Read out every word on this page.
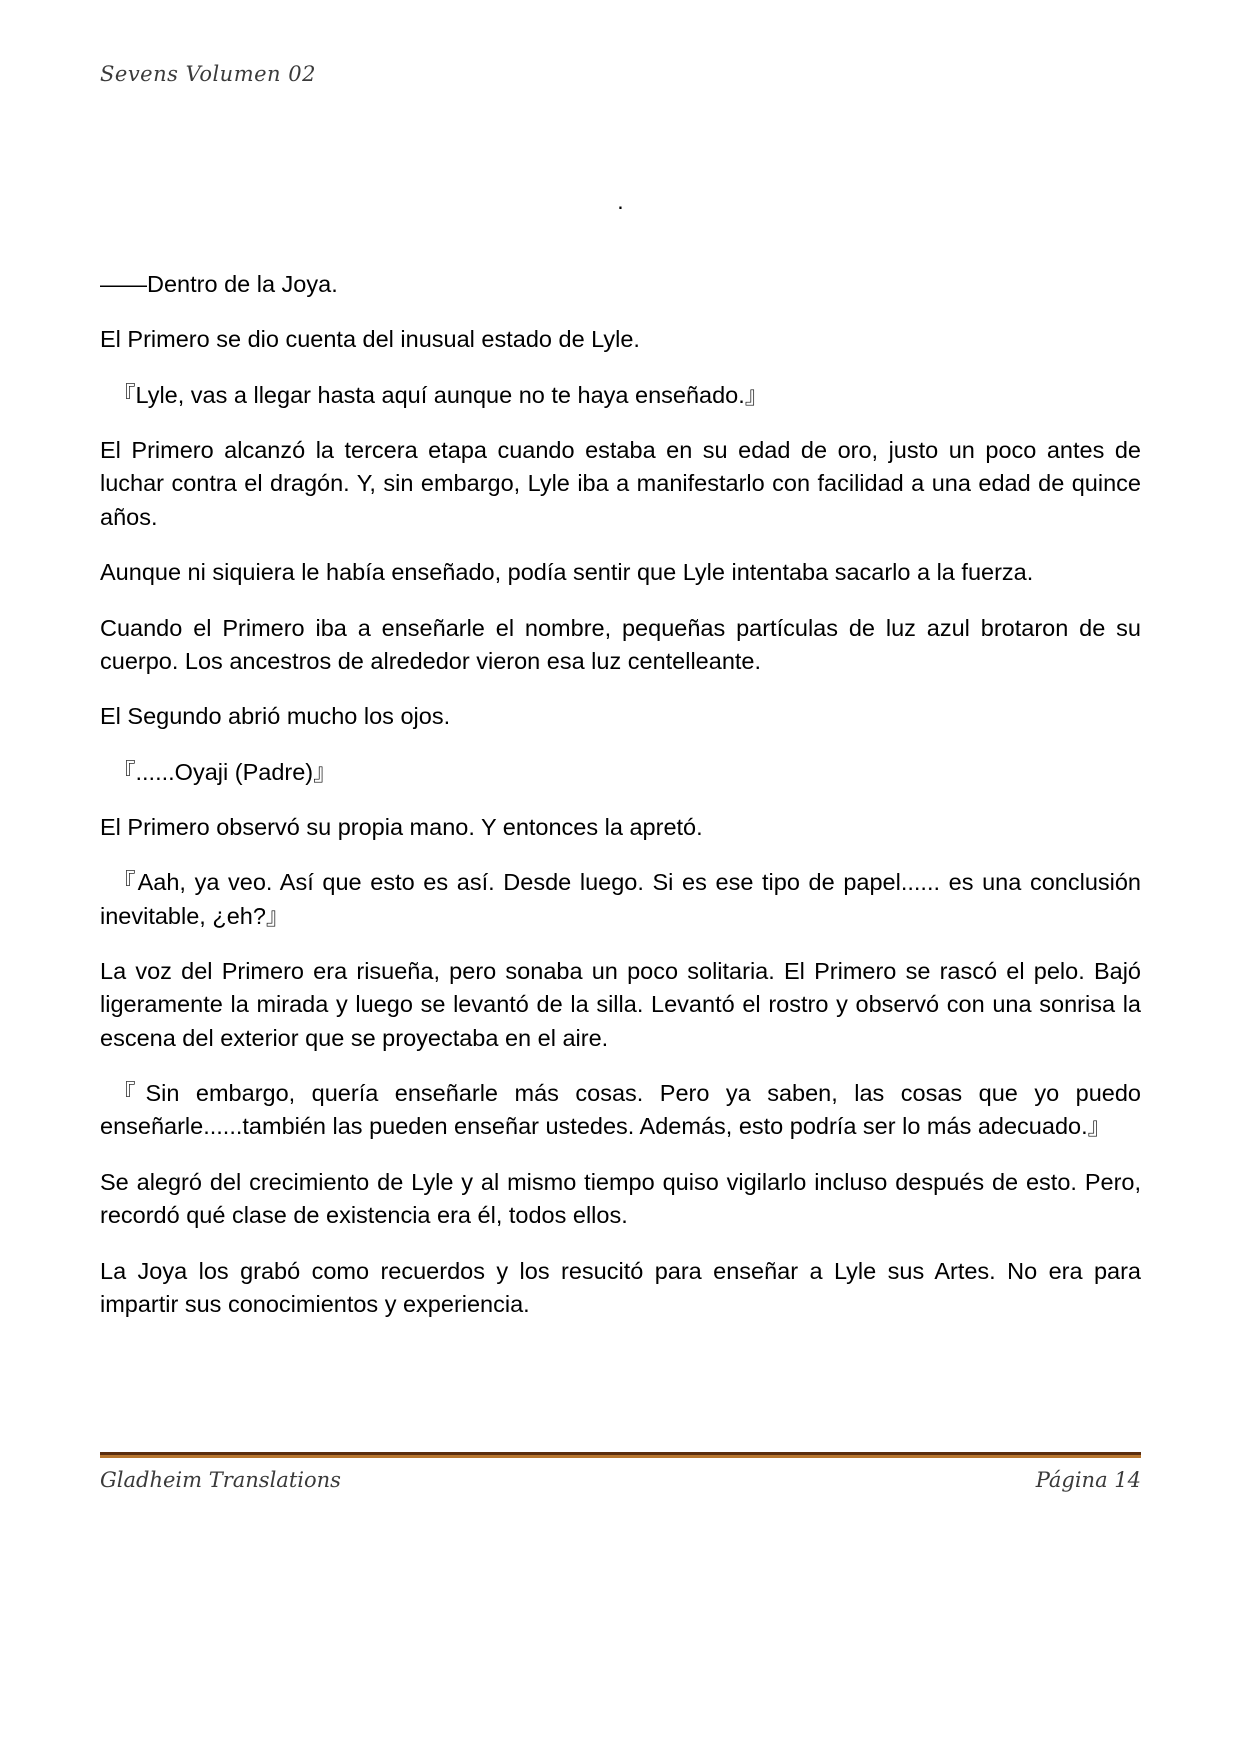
Sevens Volumen 02
.

——Dentro de la Joya.

El Primero se dio cuenta del inusual estado de Lyle.

『Lyle, vas a llegar hasta aquí aunque no te haya enseñado.』

El Primero alcanzó la tercera etapa cuando estaba en su edad de oro, justo un poco antes de luchar contra el dragón. Y, sin embargo, Lyle iba a manifestarlo con facilidad a una edad de quince años.

Aunque ni siquiera le había enseñado, podía sentir que Lyle intentaba sacarlo a la fuerza.

Cuando el Primero iba a enseñarle el nombre, pequeñas partículas de luz azul brotaron de su cuerpo. Los ancestros de alrededor vieron esa luz centelleante.

El Segundo abrió mucho los ojos.

『......Oyaji (Padre)』

El Primero observó su propia mano. Y entonces la apretó.

『Aah, ya veo. Así que esto es así. Desde luego. Si es ese tipo de papel...... es una conclusión inevitable, ¿eh?』

La voz del Primero era risueña, pero sonaba un poco solitaria. El Primero se rascó el pelo. Bajó ligeramente la mirada y luego se levantó de la silla. Levantó el rostro y observó con una sonrisa la escena del exterior que se proyectaba en el aire.

『Sin embargo, quería enseñarle más cosas. Pero ya saben, las cosas que yo puedo enseñarle......también las pueden enseñar ustedes. Además, esto podría ser lo más adecuado.』

Se alegró del crecimiento de Lyle y al mismo tiempo quiso vigilarlo incluso después de esto. Pero, recordó qué clase de existencia era él, todos ellos.

La Joya los grabó como recuerdos y los resucitó para enseñar a Lyle sus Artes. No era para impartir sus conocimientos y experiencia.

Gladheim Translations	Página 14
